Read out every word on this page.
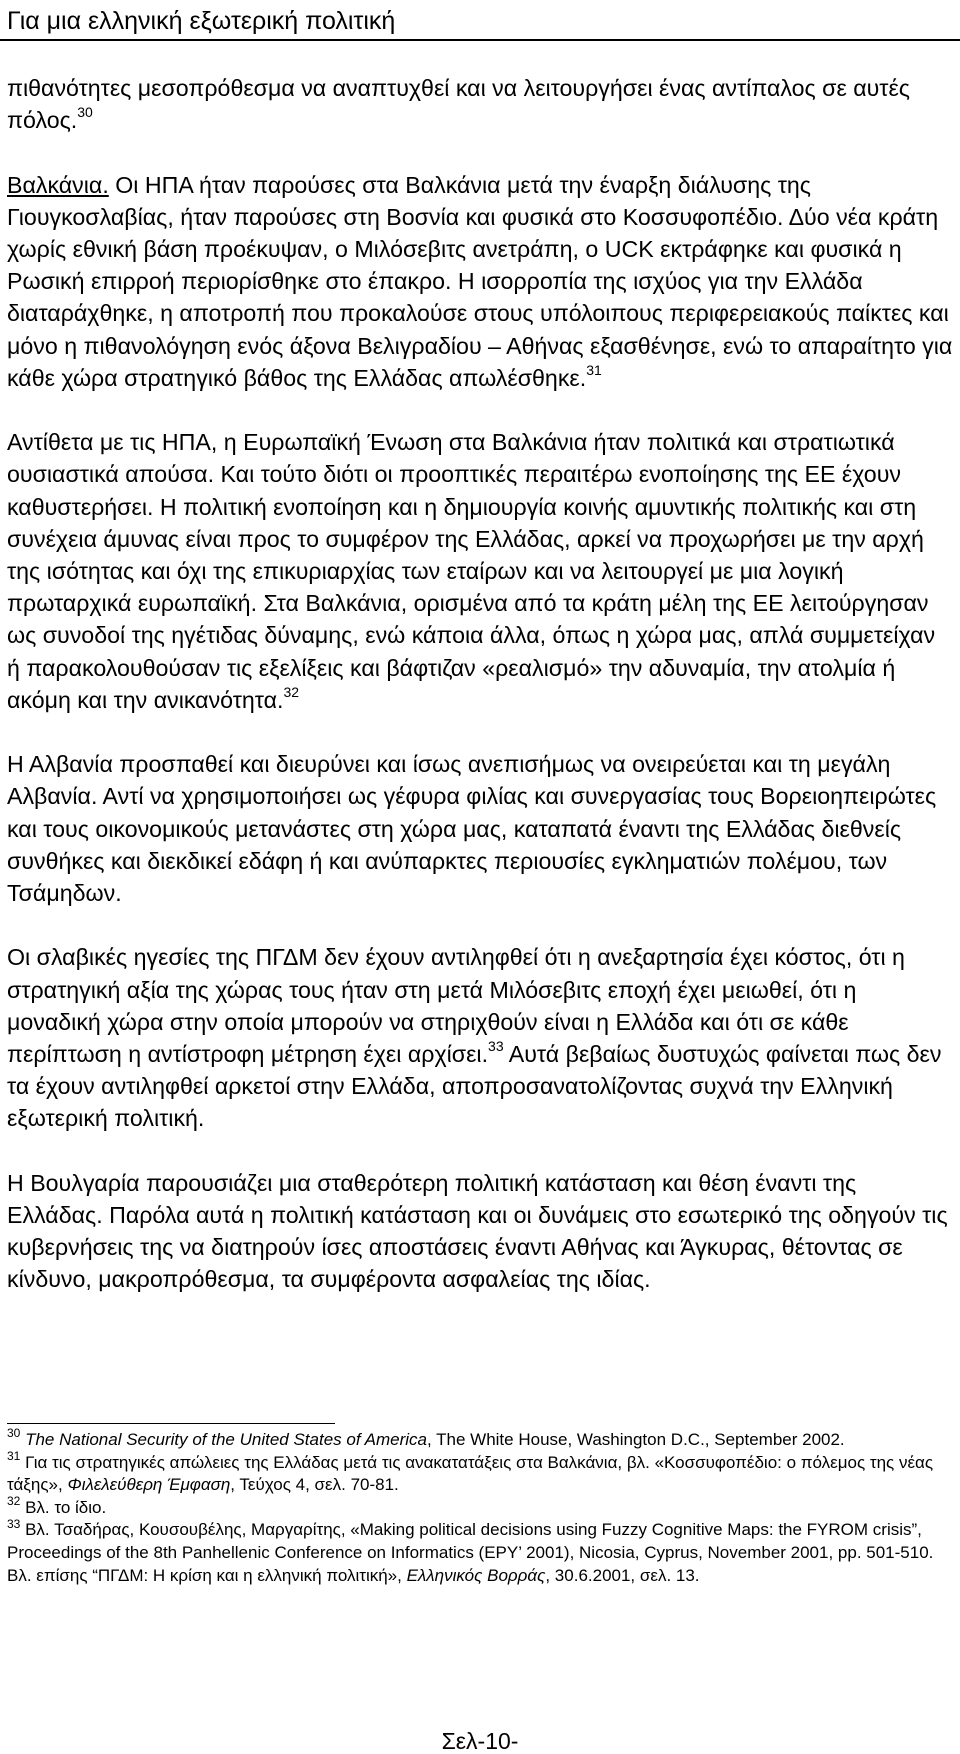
Για μια ελληνική εξωτερική πολιτική

πιθανότητες μεσοπρόθεσμα να αναπτυχθεί και να λειτουργήσει ένας αντίπαλος σε αυτές πόλος.$^{30}$

Βαλκάνια. Οι ΗΠΑ ήταν παρούσες στα Βαλκάνια μετά την έναρξη διάλυσης της Γιουγκοσλαβίας, ήταν παρούσες στη Βοσνία και φυσικά στο Κοσσυφοπέδιο. Δύο νέα κράτη χωρίς εθνική βάση προέκυψαν, ο Μιλόσεβιτς ανετράπη, ο UCK εκτράφηκε και φυσικά η Ρωσική επιρροή περιορίσθηκε στο έπακρο. Η ισορροπία της ισχύος για την Ελλάδα διαταράχθηκε, η αποτροπή που προκαλούσε στους υπόλοιπους περιφερειακούς παίκτες και μόνο η πιθανολόγηση ενός άξονα Βελιγραδίου – Αθήνας εξασθένησε, ενώ το απαραίτητο για κάθε χώρα στρατηγικό βάθος της Ελλάδας απωλέσθηκε.$^{31}$

Αντίθετα με τις ΗΠΑ, η Ευρωπαϊκή Ένωση στα Βαλκάνια ήταν πολιτικά και στρατιωτικά ουσιαστικά απούσα. Και τούτο διότι οι προοπτικές περαιτέρω ενοποίησης της ΕΕ έχουν καθυστερήσει. Η πολιτική ενοποίηση και η δημιουργία κοινής αμυντικής πολιτικής και στη συνέχεια άμυνας είναι προς το συμφέρον της Ελλάδας, αρκεί να προχωρήσει με την αρχή της ισότητας και όχι της επικυριαρχίας των εταίρων και να λειτουργεί με μια λογική πρωταρχικά ευρωπαϊκή. Στα Βαλκάνια, ορισμένα από τα κράτη μέλη της ΕΕ λειτούργησαν ως συνοδοί της ηγέτιδας δύναμης, ενώ κάποια άλλα, όπως η χώρα μας, απλά συμμετείχαν ή παρακολουθούσαν τις εξελίξεις και βάφτιζαν «ρεαλισμό» την αδυναμία, την ατολμία ή ακόμη και την ανικανότητα.$^{32}$

Η Αλβανία προσπαθεί και διευρύνει και ίσως ανεπισήμως να ονειρεύεται και τη μεγάλη Αλβανία. Αντί να χρησιμοποιήσει ως γέφυρα φιλίας και συνεργασίας τους Βορειοηπειρώτες και τους οικονομικούς μετανάστες στη χώρα μας, καταπατά έναντι της Ελλάδας διεθνείς συνθήκες και διεκδικεί εδάφη ή και ανύπαρκτες περιουσίες εγκληματιών πολέμου, των Τσάμηδων.

Οι σλαβικές ηγεσίες της ΠΓΔΜ δεν έχουν αντιληφθεί ότι η ανεξαρτησία έχει κόστος, ότι η στρατηγική αξία της χώρας τους ήταν στη μετά Μιλόσεβιτς εποχή έχει μειωθεί, ότι η μοναδική χώρα στην οποία μπορούν να στηριχθούν είναι η Ελλάδα και ότι σε κάθε περίπτωση η αντίστροφη μέτρηση έχει αρχίσει.$^{33}$ Αυτά βεβαίως δυστυχώς φαίνεται πως δεν τα έχουν αντιληφθεί αρκετοί στην Ελλάδα, αποπροσανατολίζοντας συχνά την Ελληνική εξωτερική πολιτική.

Η Βουλγαρία παρουσιάζει μια σταθερότερη πολιτική κατάσταση και θέση έναντι της Ελλάδας. Παρόλα αυτά η πολιτική κατάσταση και οι δυνάμεις στο εσωτερικό της οδηγούν τις κυβερνήσεις της να διατηρούν ίσες αποστάσεις έναντι Αθήνας και Άγκυρας, θέτοντας σε κίνδυνο, μακροπρόθεσμα, τα συμφέροντα ασφαλείας της ιδίας.

$^{30}$ The National Security of the United States of America, The White House, Washington D.C., September 2002.

$^{31}$ Για τις στρατηγικές απώλειες της Ελλάδας μετά τις ανακατατάξεις στα Βαλκάνια, βλ. «Κοσσυφοπέδιο: ο πόλεμος της νέας τάξης», Φιλελεύθερη Έμφαση, Τεύχος 4, σελ. 70-81.

$^{32}$ Βλ. το ίδιο.

$^{33}$ Βλ. Τσαδήρας, Κουσουβέλης, Μαργαρίτης, «Making political decisions using Fuzzy Cognitive Maps: the FYROM crisis”, Proceedings of the 8th Panhellenic Conference on Informatics (EPY’ 2001), Nicosia, Cyprus, November 2001, pp. 501-510. Βλ. επίσης “ΠΓΔΜ: Η κρίση και η ελληνική πολιτική», Ελληνικός Βορράς, 30.6.2001, σελ. 13.

Σελ-10-
